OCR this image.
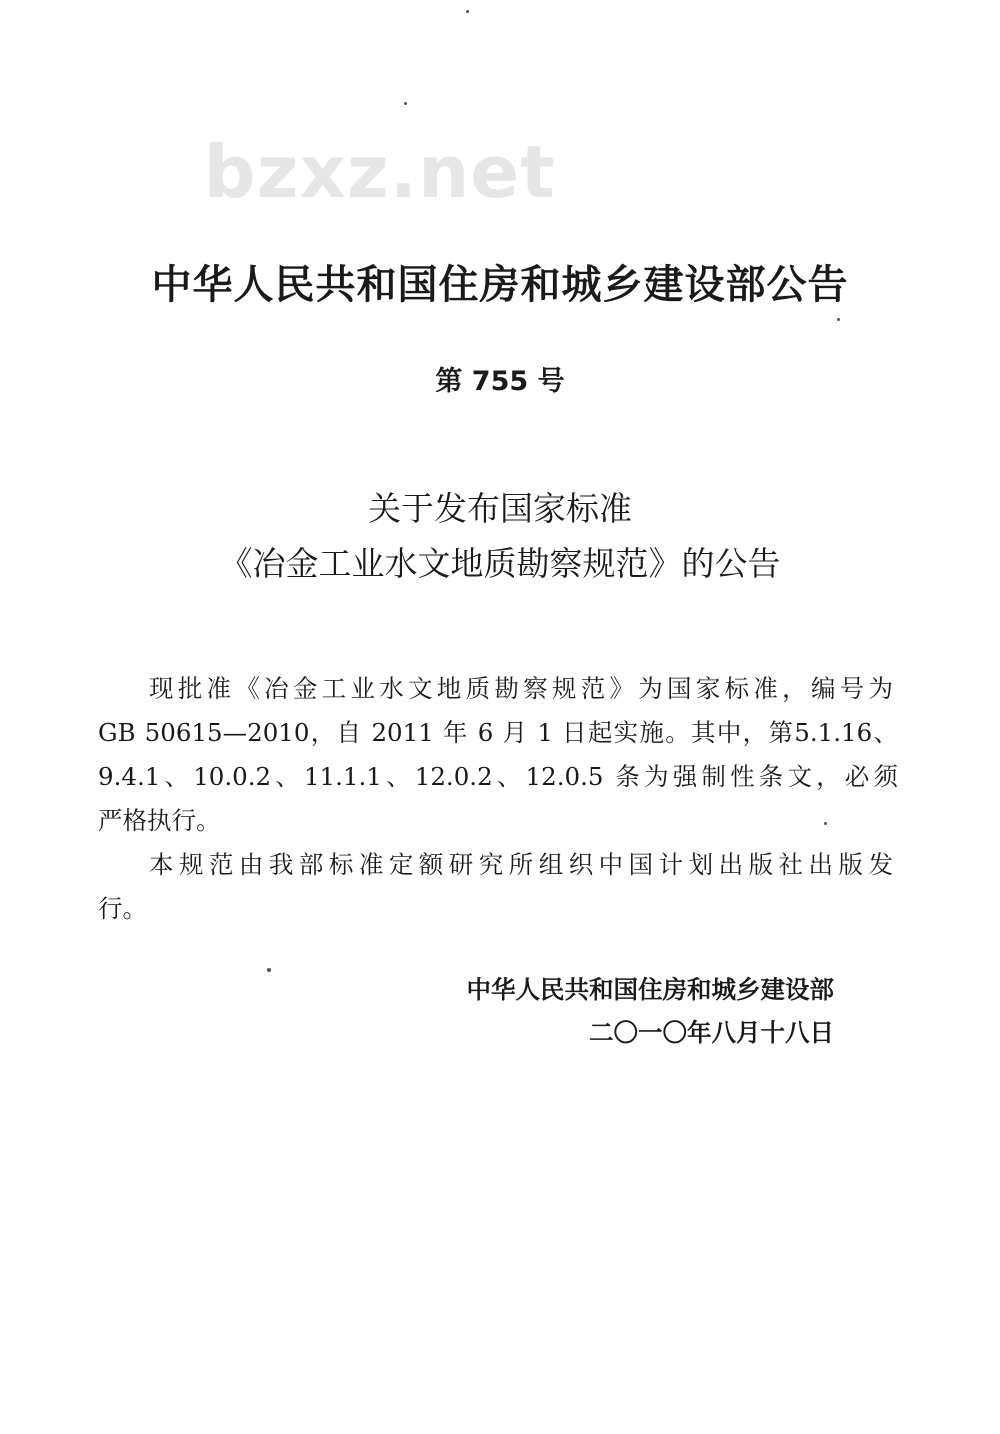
bzxz.net
中华人民共和国住房和城乡建设部公告
第 755 号
关于发布国家标准
《冶金工业水文地质勘察规范》的公告
现批准《冶金工业水文地质勘察规范》为国家标准，编号为
GB 50615—2010，自 2011 年 6 月 1 日起实施。其中，第5.1.16、
9.4.1、10.0.2、11.1.1、12.0.2、12.0.5 条为强制性条文，必须
严格执行。
本规范由我部标准定额研究所组织中国计划出版社出版发
行。
中华人民共和国住房和城乡建设部
二〇一〇年八月十八日
